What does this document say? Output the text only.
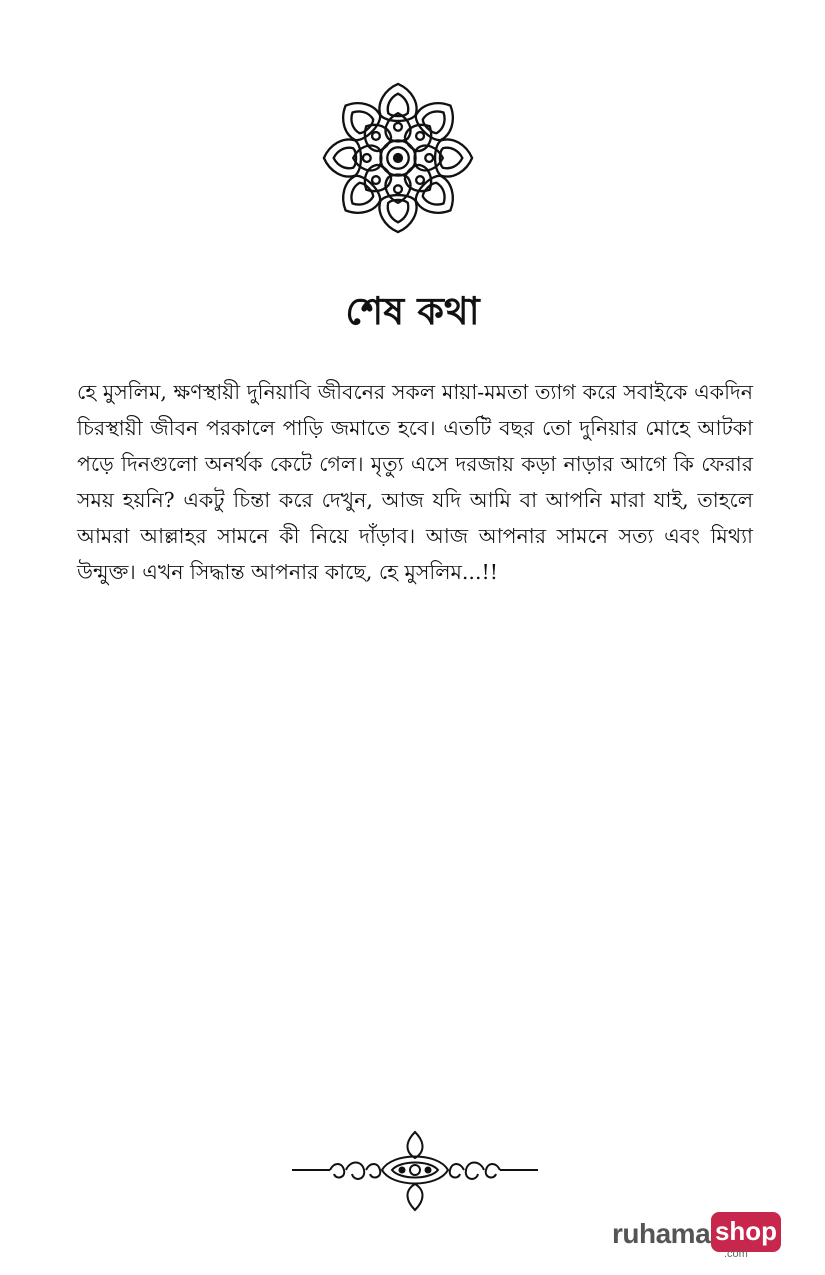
শেষ কথা

হে মুসলিম, ক্ষণস্থায়ী দুনিয়াবি জীবনের সকল মায়া-মমতা ত্যাগ করে সবাইকে একদিন চিরস্থায়ী জীবন পরকালে পাড়ি জমাতে হবে। এতটি বছর তো দুনিয়ার মোহে আটকা পড়ে দিনগুলো অনর্থক কেটে গেল। মৃত্যু এসে দরজায় কড়া নাড়ার আগে কি ফেরার সময় হয়নি? একটু চিন্তা করে দেখুন, আজ যদি আমি বা আপনি মারা যাই, তাহলে আমরা আল্লাহর সামনে কী নিয়ে দাঁড়াব। আজ আপনার সামনে সত্য এবং মিথ্যা উন্মুক্ত। এখন সিদ্ধান্ত আপনার কাছে, হে মুসলিম...!!

ruhama shop
.com
